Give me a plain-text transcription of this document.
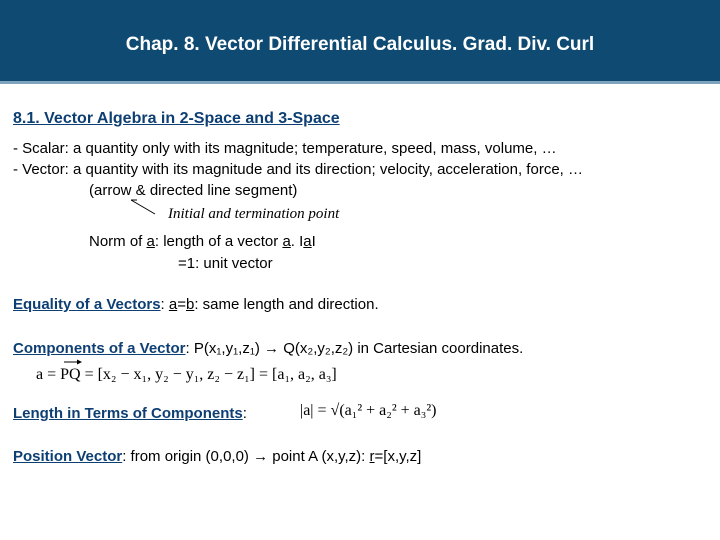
Chap. 8. Vector Differential Calculus. Grad. Div. Curl
8.1. Vector Algebra in 2-Space and 3-Space
- Scalar: a quantity only with its magnitude; temperature, speed, mass, volume, …
- Vector: a quantity with its magnitude and its direction; velocity, acceleration, force, …
(arrow & directed line segment)
Initial and termination point
Norm of a: length of a vector a. IaI
=1: unit vector
Equality of a Vectors: a=b: same length and direction.
Components of a Vector: P(x₁,y₁,z₁) → Q(x₂,y₂,z₂) in Cartesian coordinates.
a = PQ = [x₂ − x₁, y₂ − y₁, z₂ − z₁] = [a₁, a₂, a₃]
Length in Terms of Components:	|a| = √(a₁² + a₂² + a₃²)
Position Vector: from origin (0,0,0) → point A (x,y,z): r=[x,y,z]
